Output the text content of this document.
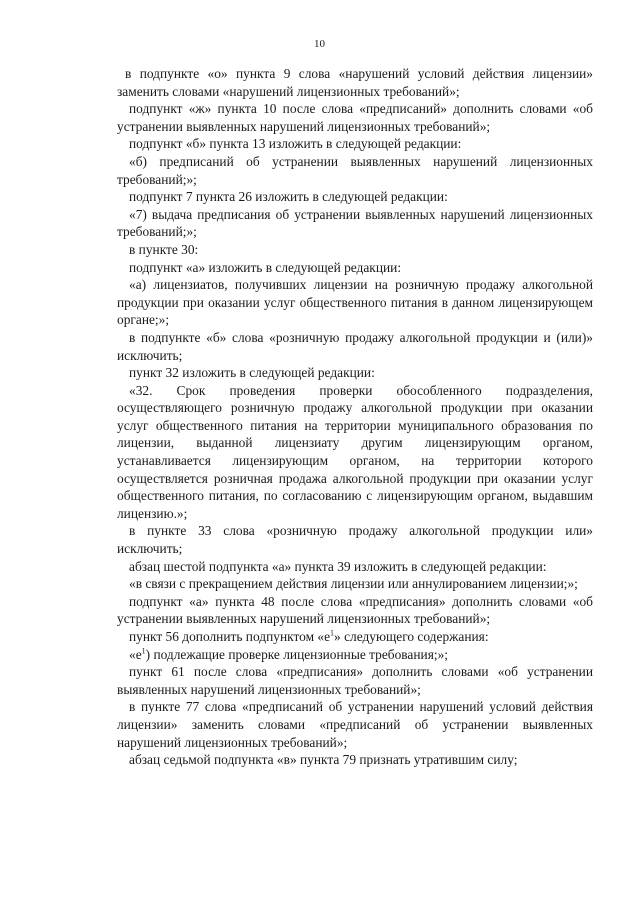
10

в подпункте «о» пункта 9 слова «нарушений условий действия лицензии» заменить словами «нарушений лицензионных требований»;

подпункт «ж» пункта 10 после слова «предписаний» дополнить словами «об устранении выявленных нарушений лицензионных требований»;

подпункт «б» пункта 13 изложить в следующей редакции:

«б) предписаний об устранении выявленных нарушений лицензионных требований;»;

подпункт 7 пункта 26 изложить в следующей редакции:

«7) выдача предписания об устранении выявленных нарушений лицензионных требований;»;

в пункте 30:

подпункт «а» изложить в следующей редакции:

«а) лицензиатов, получивших лицензии на розничную продажу алкогольной продукции при оказании услуг общественного питания в данном лицензирующем органе;»;

в подпункте «б» слова «розничную продажу алкогольной продукции и (или)» исключить;

пункт 32 изложить в следующей редакции:

«32. Срок проведения проверки обособленного подразделения, осуществляющего розничную продажу алкогольной продукции при оказании услуг общественного питания на территории муниципального образования по лицензии, выданной лицензиату другим лицензирующим органом, устанавливается лицензирующим органом, на территории которого осуществляется розничная продажа алкогольной продукции при оказании услуг общественного питания, по согласованию с лицензирующим органом, выдавшим лицензию.»;

в пункте 33 слова «розничную продажу алкогольной продукции или» исключить;

абзац шестой подпункта «а» пункта 39 изложить в следующей редакции:

«в связи с прекращением действия лицензии или аннулированием лицензии;»;

подпункт «а» пункта 48 после слова «предписания» дополнить словами «об устранении выявленных нарушений лицензионных требований»;

пункт 56 дополнить подпунктом «$е^1$» следующего содержания:

«$е^1$) подлежащие проверке лицензионные требования;»;

пункт 61 после слова «предписания» дополнить словами «об устранении выявленных нарушений лицензионных требований»;

в пункте 77 слова «предписаний об устранении нарушений условий действия лицензии» заменить словами «предписаний об устранении выявленных нарушений лицензионных требований»;

абзац седьмой подпункта «в» пункта 79 признать утратившим силу;
